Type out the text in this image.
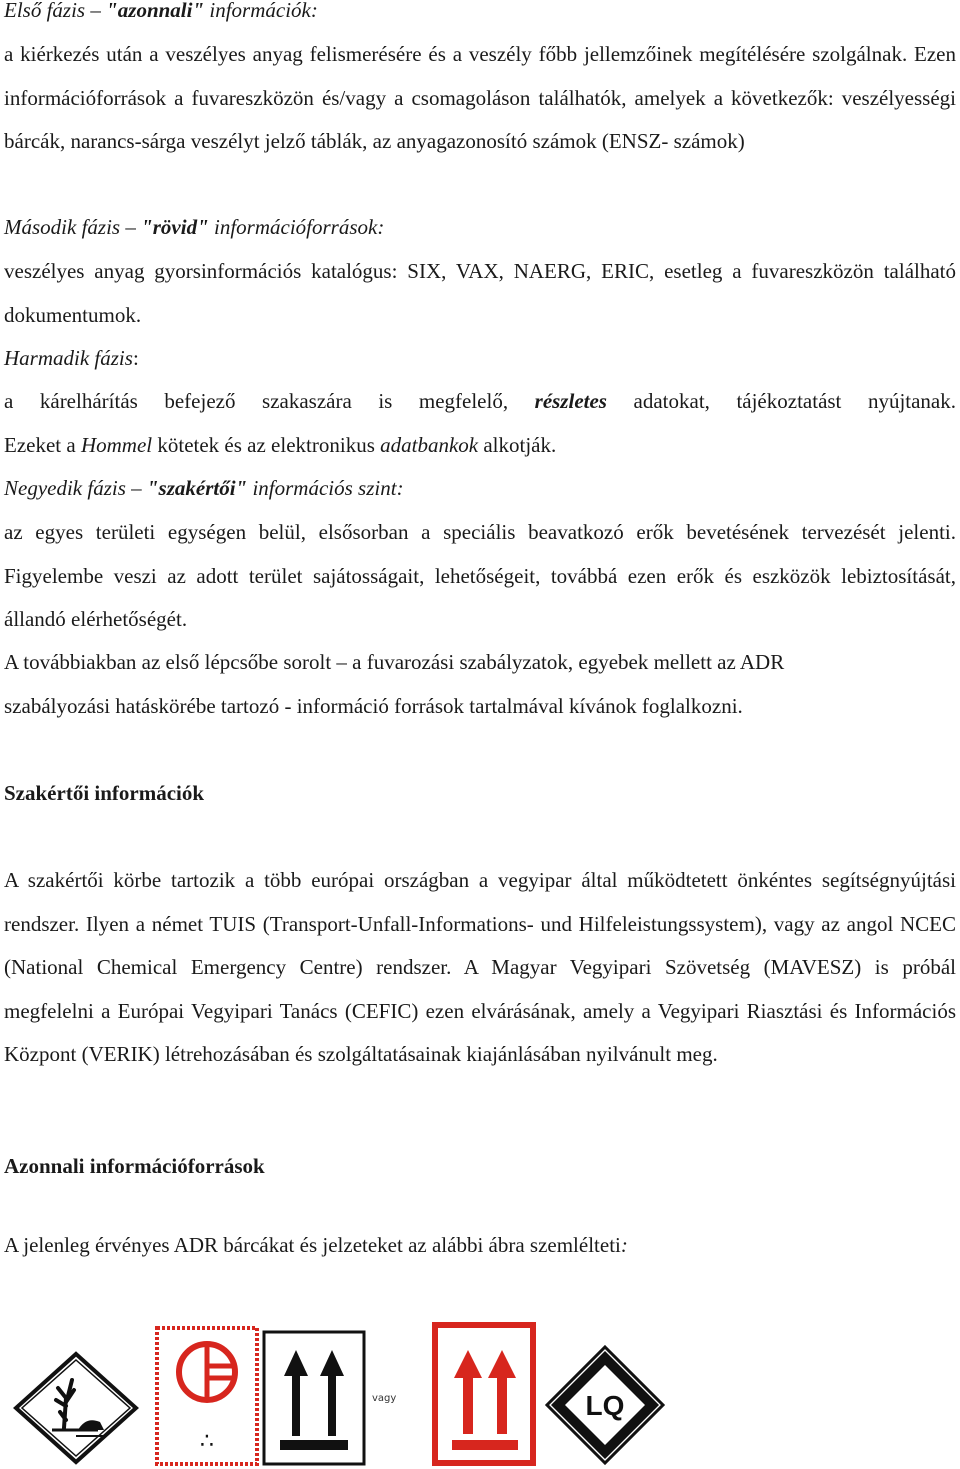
Első fázis – "azonnali" információk:

a kiérkezés után a veszélyes anyag felismerésére és a veszély főbb jellemzőinek megítélésére szolgálnak. Ezen információforrások a fuvareszközön és/vagy a csomagoláson találhatók, amelyek a következők: veszélyességi bárcák, narancs-sárga veszélyt jelző táblák, az anyagazonosító számok (ENSZ- számok)

Második fázis – "rövid" információforrások:

veszélyes anyag gyorsinformációs katalógus: SIX, VAX, NAERG, ERIC, esetleg a fuvareszközön található dokumentumok.

Harmadik fázis:

a kárelhárítás befejező szakaszára is megfelelő, részletes adatokat, tájékoztatást nyújtanak.

Ezeket a Hommel kötetek és az elektronikus adatbankok alkotják.

Negyedik fázis – "szakértői" információs szint:

az egyes területi egységen belül, elsősorban a speciális beavatkozó erők bevetésének tervezését jelenti. Figyelembe veszi az adott terület sajátosságait, lehetőségeit, továbbá ezen erők és eszközök lebiztosítását, állandó elérhetőségét.

A továbbiakban az első lépcsőbe sorolt – a fuvarozási szabályzatok, egyebek mellett az ADR

szabályozási hatáskörébe tartozó - információ források tartalmával kívánok foglalkozni.

Szakértői információk

A szakértői körbe tartozik a több európai országban a vegyipar által működtetett önkéntes segítségnyújtási rendszer. Ilyen a német TUIS (Transport-Unfall-Informations- und Hilfeleistungssystem), vagy az angol NCEC (National Chemical Emergency Centre) rendszer. A Magyar Vegyipari Szövetség (MAVESZ) is próbál megfelelni a Európai Vegyipari Tanács (CEFIC) ezen elvárásának, amely a Vegyipari Riasztási és Információs Központ (VERIK) létrehozásában és szolgáltatásainak kiajánlásában nyilvánult meg.

Azonnali információforrások

A jelenleg érvényes ADR bárcákat és jelzeteket az alábbi ábra szemlélteti:

∴
vagy	LQ
